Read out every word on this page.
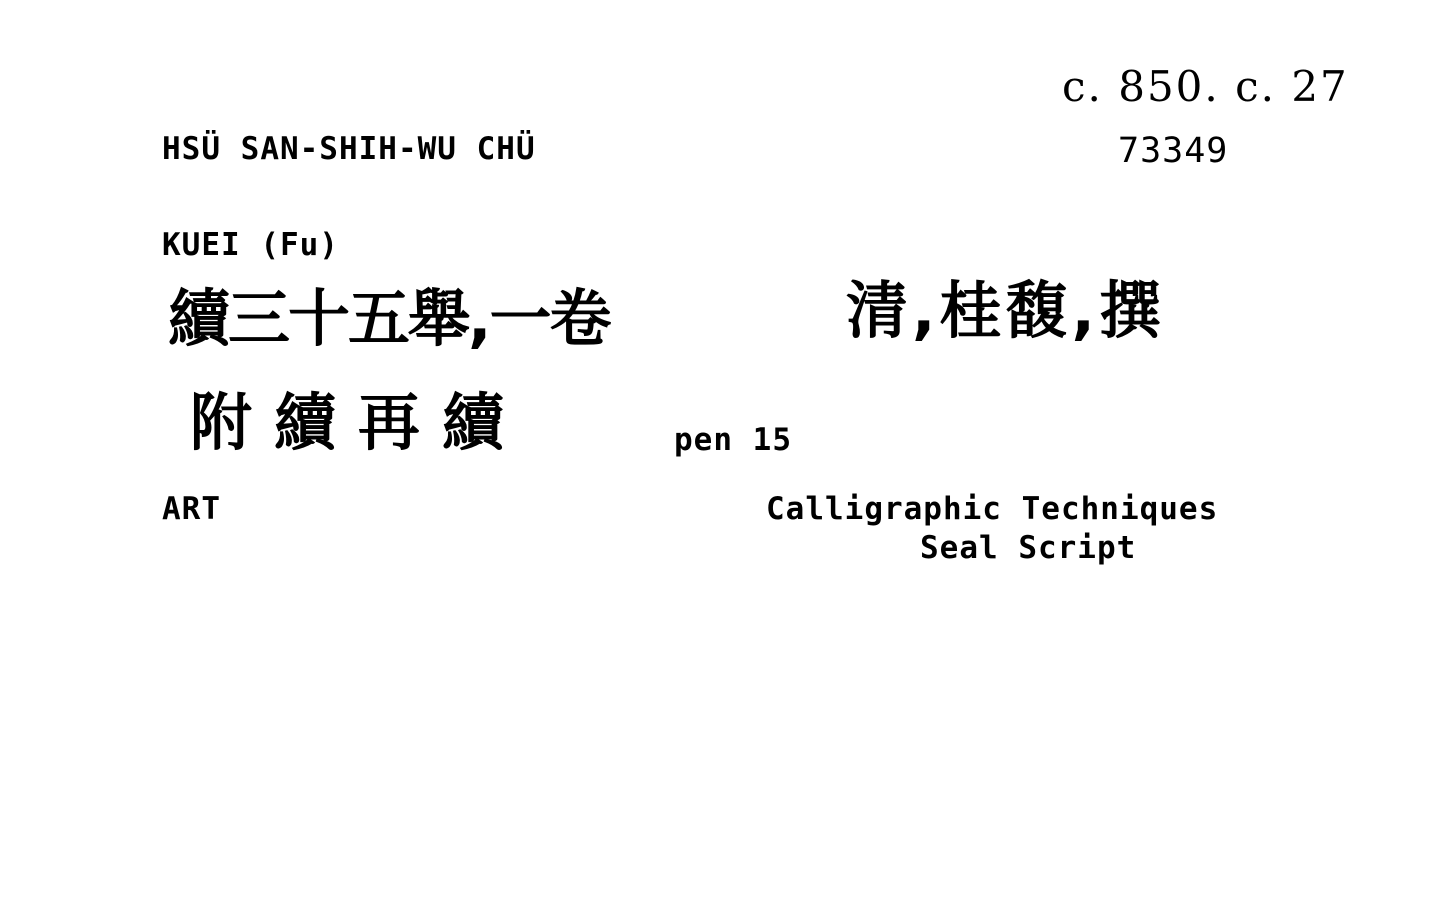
c. 850. c. 27
HSÜ SAN-SHIH-WU CHÜ	73349
KUEI (Fu)
續三十五舉,一卷	清,桂馥,撰
附續再續	pen 15
ART	Calligraphic Techniques
Seal Script
